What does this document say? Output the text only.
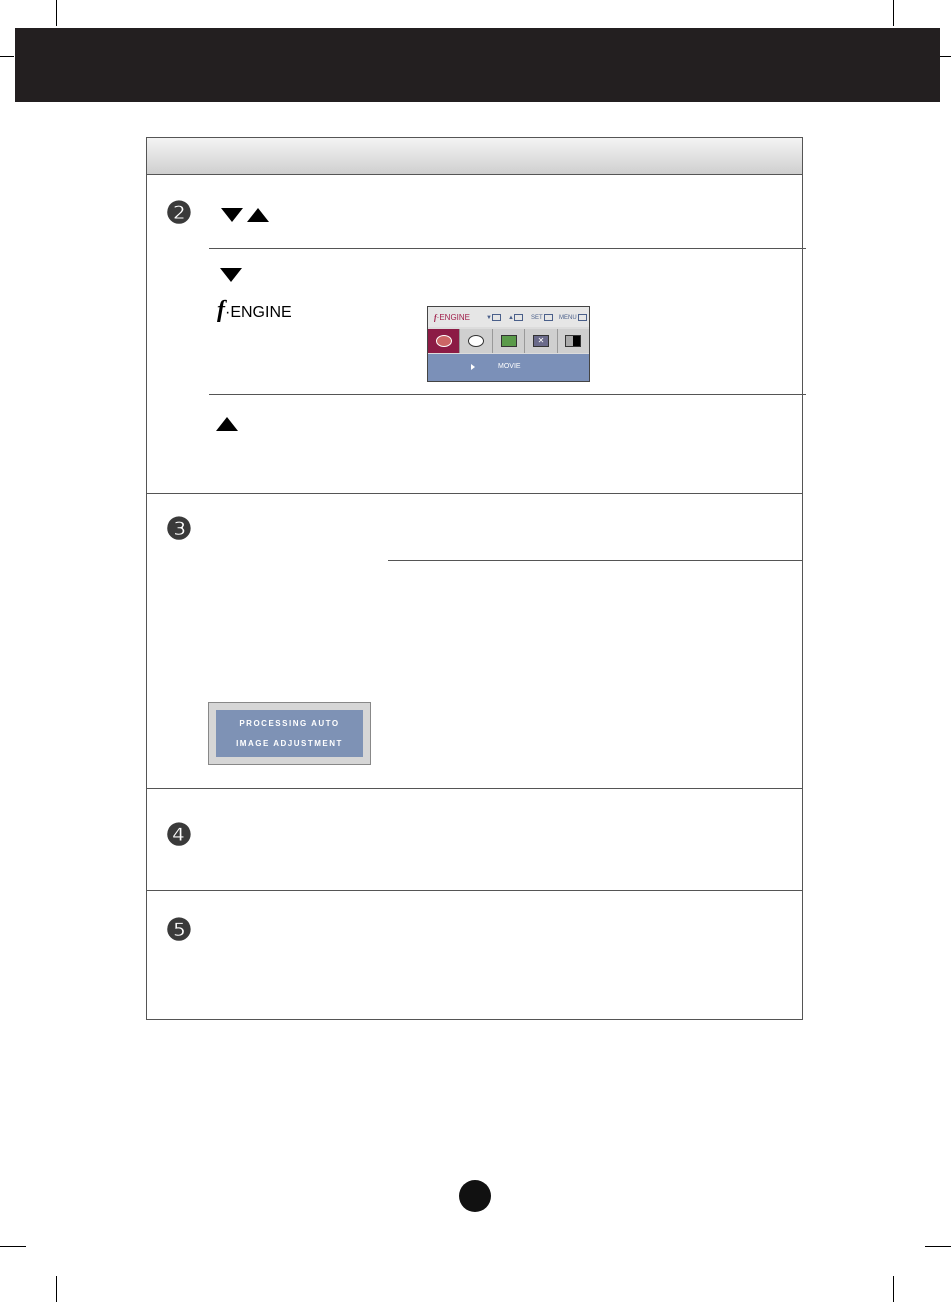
❷
❸
❹
❺
f·ENGINE	f·ENGINE	▼	▲	SET	MENU
✕
MOVIE
PROCESSING AUTO
IMAGE ADJUSTMENT
